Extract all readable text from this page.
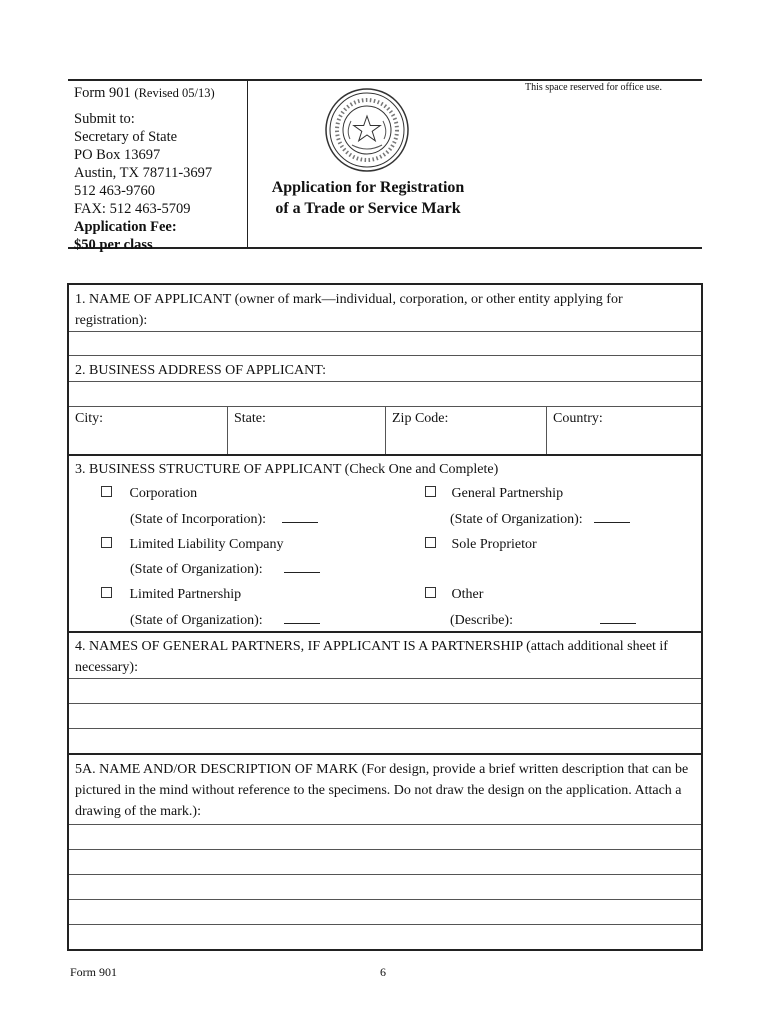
Form 901 (Revised 05/13)
Submit to:
Secretary of State
PO Box 13697
Austin, TX 78711-3697
512 463-9760
FAX: 512 463-5709
Application Fee:
$50 per class
This space reserved for office use.
Application for Registration
of a Trade or Service Mark
1. NAME OF APPLICANT (owner of mark—individual, corporation, or other entity applying for registration):
2. BUSINESS ADDRESS OF APPLICANT:
City:	State:	Zip Code:	Country:
3. BUSINESS STRUCTURE OF APPLICANT (Check One and Complete)
Corporation
(State of Incorporation):
Limited Liability Company
(State of Organization):
Limited Partnership
(State of Organization):
General Partnership
(State of Organization):
Sole Proprietor
Other
(Describe):
4. NAMES OF GENERAL PARTNERS, IF APPLICANT IS A PARTNERSHIP (attach additional sheet if necessary):
5A. NAME AND/OR DESCRIPTION OF MARK (For design, provide a brief written description that can be pictured in the mind without reference to the specimens. Do not draw the design on the application. Attach a drawing of the mark.):
Form 901	6
